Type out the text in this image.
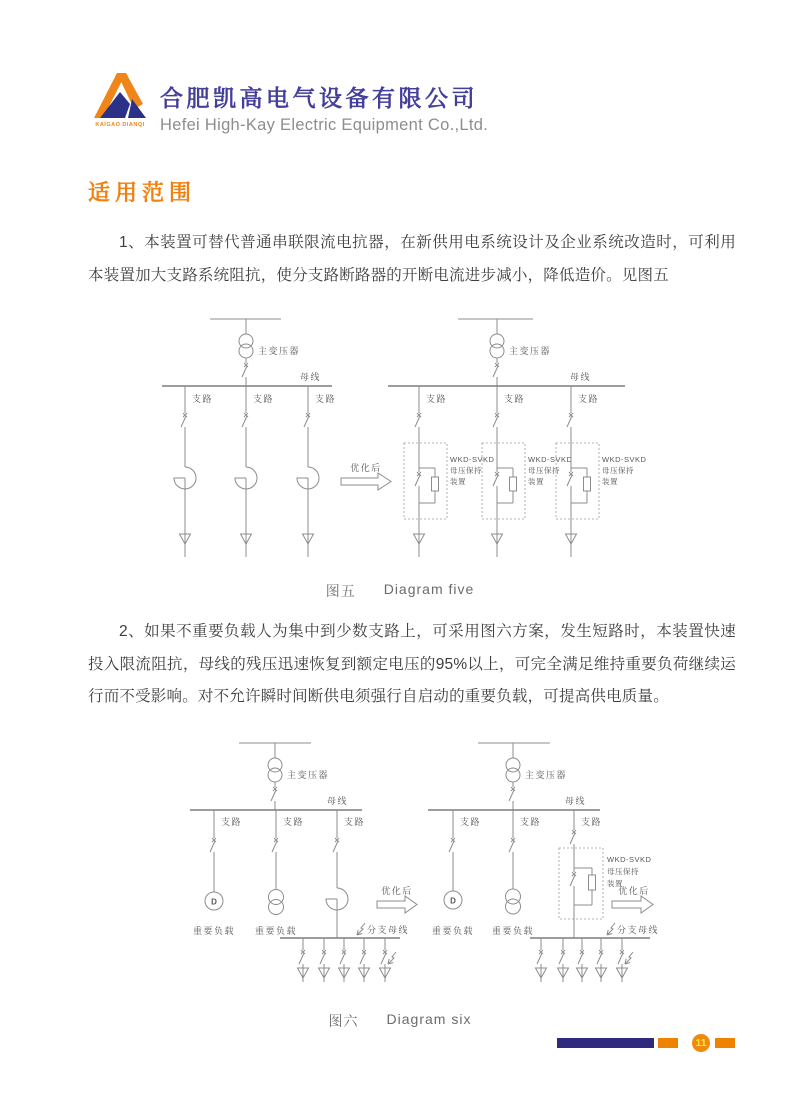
KAIGAO DIANQI
合肥凯高电气设备有限公司
Hefei High-Kay Electric Equipment Co.,Ltd.
适用范围

1、本装置可替代普通串联限流电抗器，在新供用电系统设计及企业系统改造时，可利用本装置加大支路系统阻抗，使分支路断路器的开断电流进步减小，降低造价。见图五

2、如果不重要负载人为集中到少数支路上，可采用图六方案，发生短路时，本装置快速投入限流阻抗，母线的残压迅速恢复到额定电压的95%以上，可完全满足维持重要负荷继续运行而不受影响。对不允许瞬时间断供电须强行自启动的重要负载，可提高供电质量。

主变压器
母线
支路	支路	支路
优化后
主变压器
母线
支路
WKD-SVKD
母压保持
装置
支路
WKD-SVKD
母压保持
装置
支路
WKD-SVKD
母压保持
装置
图五 Diagram five
主变压器
母线
支路
D
重要负载
支路
重要负载
支路
分支母线
优化后
主变压器
母线
支路
D
重要负载
支路
重要负载
支路
WKD-SVKD
母压保持
装置
分支母线
优化后
图六 Diagram six
11
